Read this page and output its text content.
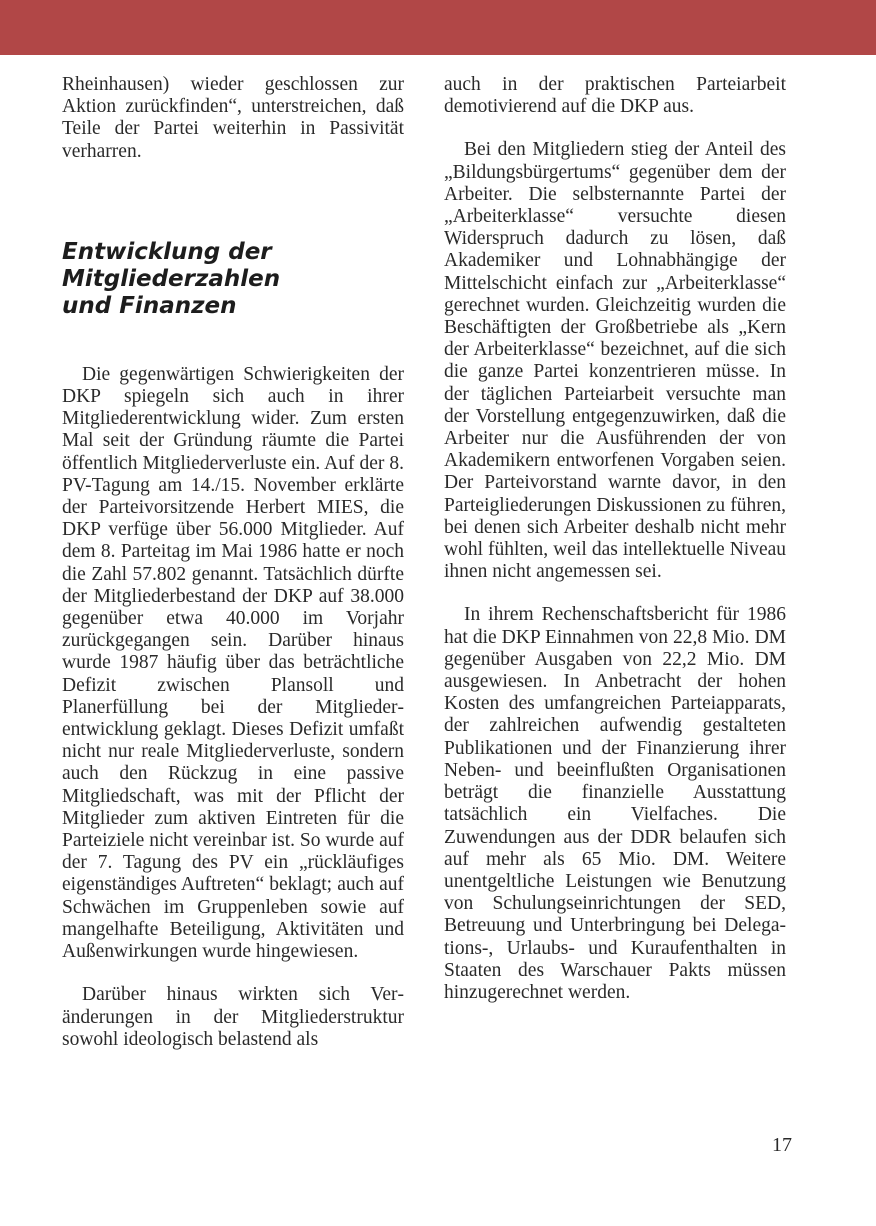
Rheinhausen) wieder geschlossen zur Aktion zurückfinden“, unterstreichen, daß Teile der Partei weiterhin in Passivität verharren.

Entwicklung der
Mitgliederzahlen
und Finanzen

Die gegenwärtigen Schwierigkeiten der DKP spiegeln sich auch in ihrer Mitgliederentwicklung wider. Zum ersten Mal seit der Gründung räumte die Partei öffentlich Mitgliederverluste ein. Auf der 8. PV-Tagung am 14./15. November erklärte der Parteivorsitzende Herbert MIES, die DKP verfüge über 56.000 Mitglieder. Auf dem 8. Parteitag im Mai 1986 hatte er noch die Zahl 57.802 genannt. Tatsächlich dürfte der Mitgliederbestand der DKP auf 38.000 gegenüber etwa 40.000 im Vorjahr zurückgegangen sein. Darüber hinaus wurde 1987 häufig über das beträchtliche Defizit zwischen Plansoll und Planerfüllung bei der Mitgliederentwicklung geklagt. Dieses Defizit umfaßt nicht nur reale Mitgliederverluste, sondern auch den Rückzug in eine passive Mitgliedschaft, was mit der Pflicht der Mitglieder zum aktiven Eintreten für die Parteiziele nicht vereinbar ist. So wurde auf der 7. Tagung des PV ein „rückläufiges eigenständiges Auftreten“ beklagt; auch auf Schwächen im Gruppenleben sowie auf mangelhafte Beteiligung, Aktivitäten und Außenwirkungen wurde hingewiesen.

Darüber hinaus wirkten sich Veränderungen in der Mitgliederstruktur sowohl ideologisch belastend als

auch in der praktischen Parteiarbeit demotivierend auf die DKP aus.

Bei den Mitgliedern stieg der Anteil des „Bildungsbürgertums“ gegenüber dem der Arbeiter. Die selbsternannte Partei der „Arbeiterklasse“ versuchte diesen Widerspruch dadurch zu lösen, daß Akademiker und Lohnabhängige der Mittelschicht einfach zur „Arbeiterklasse“ gerechnet wurden. Gleichzeitig wurden die Beschäftigten der Großbetriebe als „Kern der Arbeiterklasse“ bezeichnet, auf die sich die ganze Partei konzentrieren müsse. In der täglichen Parteiarbeit versuchte man der Vorstellung entgegenzuwirken, daß die Arbeiter nur die Ausführenden der von Akademikern entworfenen Vorgaben seien. Der Parteivorstand warnte davor, in den Parteigliederungen Diskussionen zu führen, bei denen sich Arbeiter deshalb nicht mehr wohl fühlten, weil das intellektuelle Niveau ihnen nicht angemessen sei.

In ihrem Rechenschaftsbericht für 1986 hat die DKP Einnahmen von 22,8 Mio. DM gegenüber Ausgaben von 22,2 Mio. DM ausgewiesen. In Anbetracht der hohen Kosten des umfangreichen Parteiapparats, der zahlreichen aufwendig gestalteten Publikationen und der Finanzierung ihrer Neben- und beeinflußten Organisationen beträgt die finanzielle Ausstattung tatsächlich ein Vielfaches. Die Zuwendungen aus der DDR belaufen sich auf mehr als 65 Mio. DM. Weitere unentgeltliche Leistungen wie Benutzung von Schulungseinrichtungen der SED, Betreuung und Unterbringung bei Delegations-, Urlaubs- und Kuraufenthalten in Staaten des Warschauer Pakts müssen hinzugerechnet werden.

17
